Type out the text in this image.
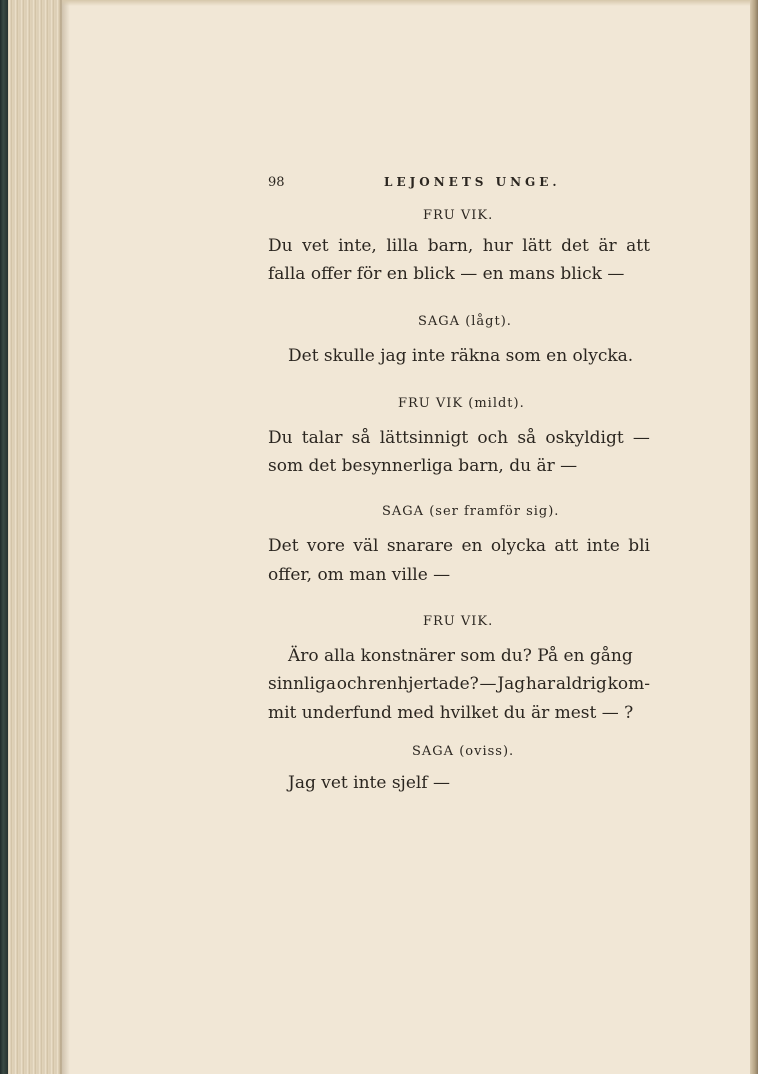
98	LEJONETS UNGE.
FRU VIK.
Du vet inte, lilla barn, hur lätt det är att
falla offer för en blick — en mans blick —
SAGA (lågt).
Det skulle jag inte räkna som en olycka.
FRU VIK (mildt).
Du talar så lättsinnigt och så oskyldigt —
som det besynnerliga barn, du är —
SAGA (ser framför sig).
Det vore väl snarare en olycka att inte bli
offer, om man ville —
FRU VIK.
Äro alla konstnärer som du? På en gång
sinnliga och renhjertade? — Jag har aldrig kom-
mit underfund med hvilket du är mest — ?
SAGA (oviss).
Jag vet inte sjelf —
